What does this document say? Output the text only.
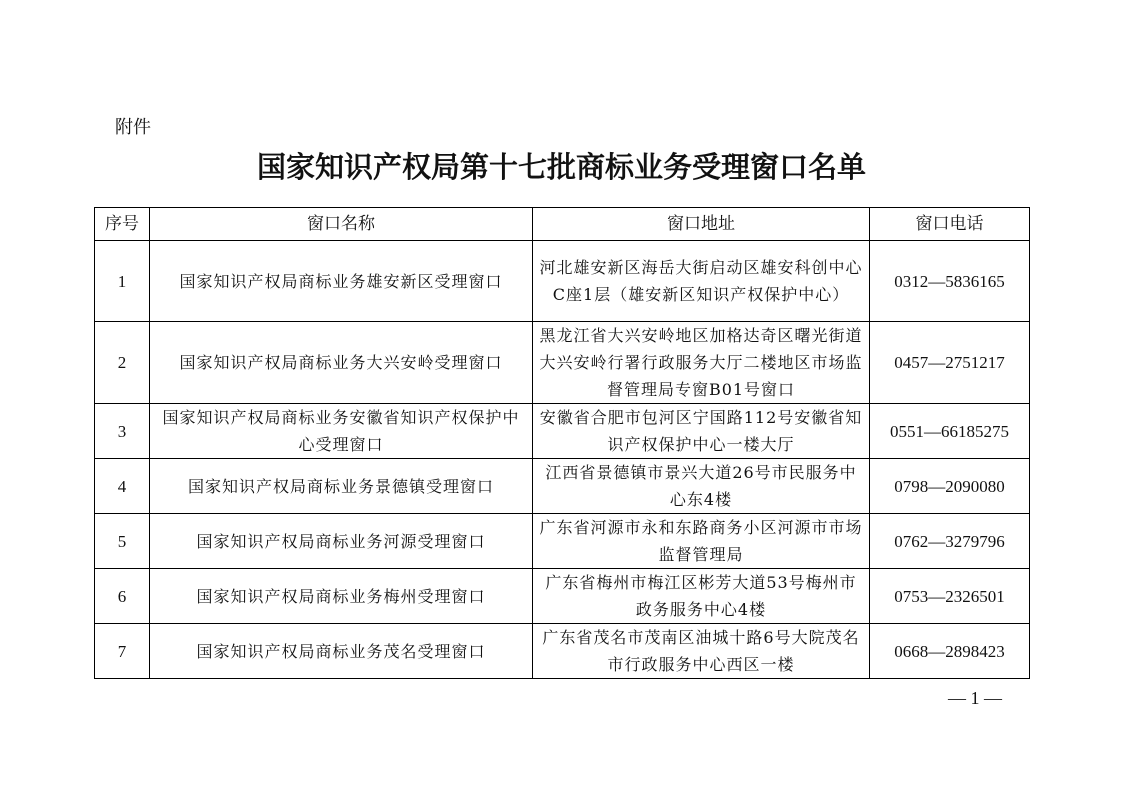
附件
国家知识产权局第十七批商标业务受理窗口名单
序号	窗口名称	窗口地址	窗口电话
1	国家知识产权局商标业务雄安新区受理窗口	河北雄安新区海岳大街启动区雄安科创中心C座1层（雄安新区知识产权保护中心）	0312—5836165
2	国家知识产权局商标业务大兴安岭受理窗口	黑龙江省大兴安岭地区加格达奇区曙光街道大兴安岭行署行政服务大厅二楼地区市场监督管理局专窗B01号窗口	0457—2751217
3	国家知识产权局商标业务安徽省知识产权保护中心受理窗口	安徽省合肥市包河区宁国路112号安徽省知识产权保护中心一楼大厅	0551—66185275
4	国家知识产权局商标业务景德镇受理窗口	江西省景德镇市景兴大道26号市民服务中心东4楼	0798—2090080
5	国家知识产权局商标业务河源受理窗口	广东省河源市永和东路商务小区河源市市场监督管理局	0762—3279796
6	国家知识产权局商标业务梅州受理窗口	广东省梅州市梅江区彬芳大道53号梅州市政务服务中心4楼	0753—2326501
7	国家知识产权局商标业务茂名受理窗口	广东省茂名市茂南区油城十路6号大院茂名市行政服务中心西区一楼	0668—2898423
— 1 —
